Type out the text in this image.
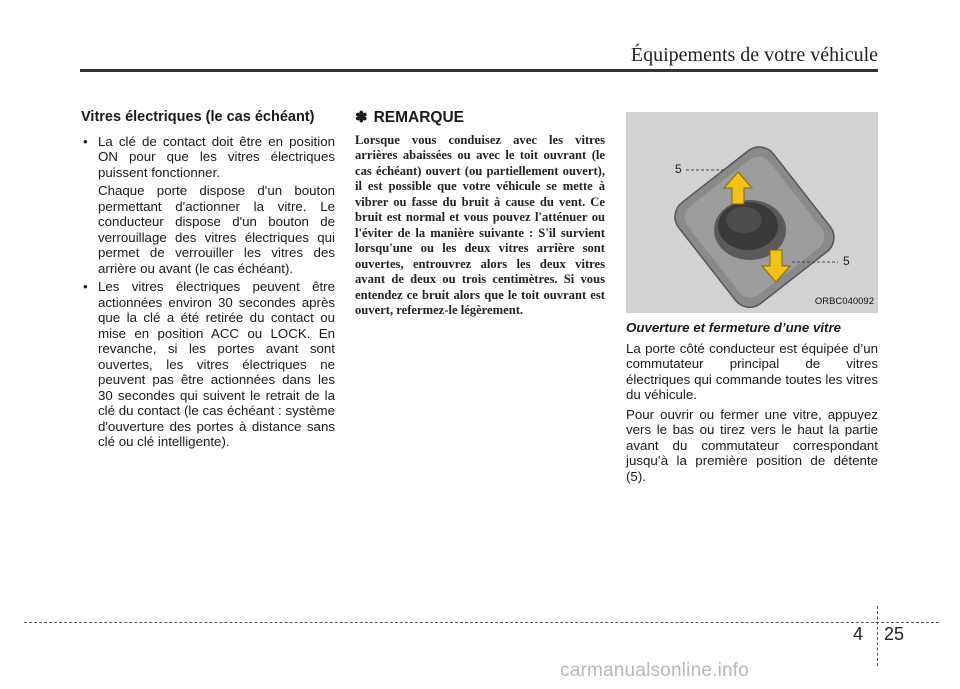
Équipements de votre véhicule
Vitres électriques (le cas échéant)

• La clé de contact doit être en position ON pour que les vitres électriques puissent fonctionner.

Chaque porte dispose d'un bouton permettant d'actionner la vitre. Le conducteur dispose d'un bouton de verrouillage des vitres électriques qui permet de verrouiller les vitres des arrière ou avant (le cas échéant).

• Les vitres électriques peuvent être actionnées environ 30 secondes après que la clé a été retirée du contact ou mise en position ACC ou LOCK. En revanche, si les portes avant sont ouvertes, les vitres électriques ne peuvent pas être actionnées dans les 30 secondes qui suivent le retrait de la clé du contact (le cas échéant : système d'ouverture des portes à distance sans clé ou clé intelligente).

✽ REMARQUE

Lorsque vous conduisez avec les vitres arrières abaissées ou avec le toit ouvrant (le cas échéant) ouvert (ou partiellement ouvert), il est possible que votre véhicule se mette à vibrer ou fasse du bruit à cause du vent. Ce bruit est normal et vous pouvez l'atténuer ou l'éviter de la manière suivante : S'il survient lorsqu'une ou les deux vitres arrière sont ouvertes, entrouvrez alors les deux vitres avant de deux ou trois centimètres. Si vous entendez ce bruit alors que le toit ouvrant est ouvert, refermez-le légèrement.

5
5
ORBC040092
Ouverture et fermeture d’une vitre

La porte côté conducteur est équipée d’un commutateur principal de vitres électriques qui commande toutes les vitres du véhicule.

Pour ouvrir ou fermer une vitre, appuyez vers le bas ou tirez vers le haut la partie avant du commutateur correspondant jusqu’à la première position de détente (5).

4 25
carmanualsonline.info
